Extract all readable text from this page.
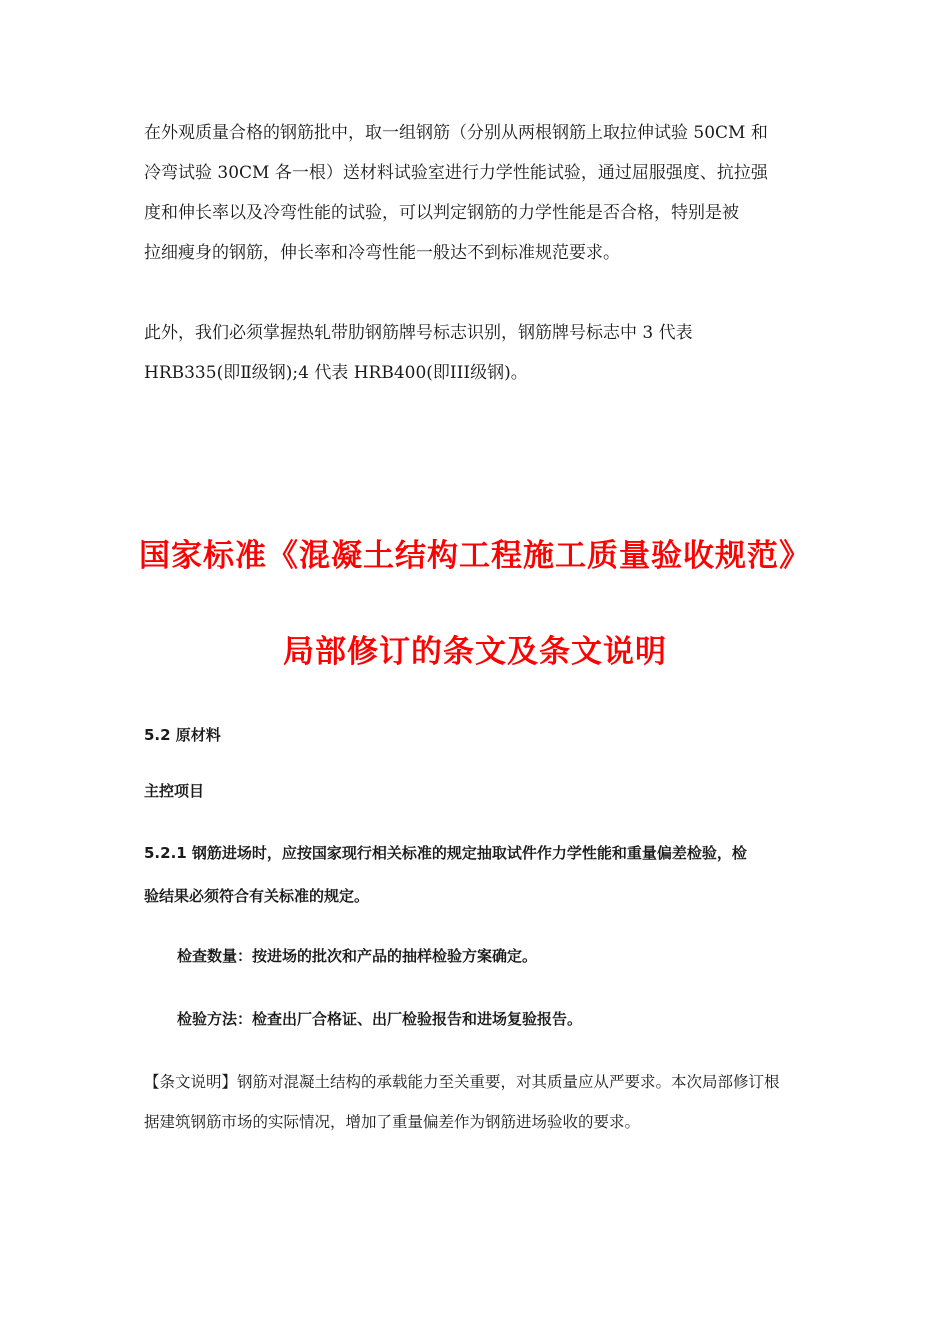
在外观质量合格的钢筋批中，取一组钢筋（分别从两根钢筋上取拉伸试验 50CM 和
冷弯试验 30CM 各一根）送材料试验室进行力学性能试验，通过屈服强度、抗拉强
度和伸长率以及冷弯性能的试验，可以判定钢筋的力学性能是否合格，特别是被
拉细瘦身的钢筋，伸长率和冷弯性能一般达不到标准规范要求。
此外，我们必须掌握热轧带肋钢筋牌号标志识别，钢筋牌号标志中 3 代表
HRB335(即Ⅱ级钢);4 代表 HRB400(即III级钢)。
国家标准《混凝土结构工程施工质量验收规范》
局部修订的条文及条文说明
5.2 原材料
主控项目
5.2.1 钢筋进场时，应按国家现行相关标准的规定抽取试件作力学性能和重量偏差检验，检
验结果必须符合有关标准的规定。
检查数量：按进场的批次和产品的抽样检验方案确定。
检验方法：检查出厂合格证、出厂检验报告和进场复验报告。
【条文说明】钢筋对混凝土结构的承载能力至关重要，对其质量应从严要求。本次局部修订根
据建筑钢筋市场的实际情况，增加了重量偏差作为钢筋进场验收的要求。
